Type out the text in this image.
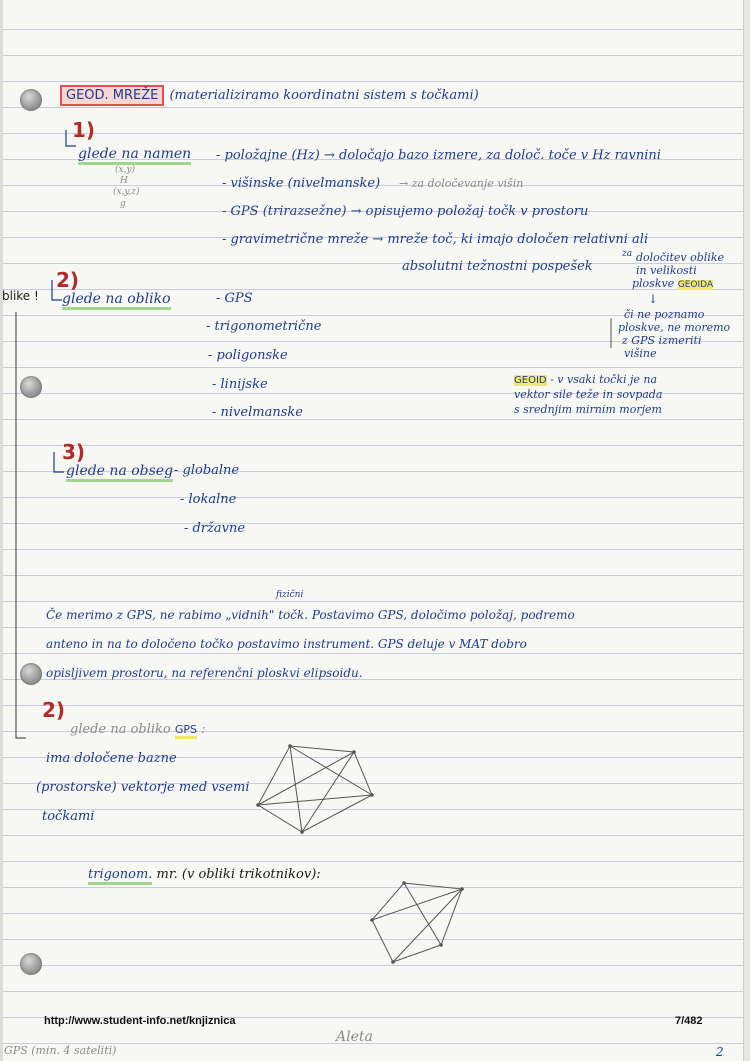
GEOD. MREŽE (materializiramo koordinatni sistem s točkami)
1)
glede na namen
(x,y)
H
(x,y,z)
g
- položajne (Hz) → določajo bazo izmere, za določ. toče v Hz ravnini
- višinske (nivelmanske) → za določevanje višin
- GPS (trirazsežne) → opisujemo položaj točk v prostoru
- gravimetrične mreže → mreže toč, ki imajo določen relativni ali
absolutni težnostni pospešek
blike !
2)
glede na obliko	- GPS
- trigonometrične
- poligonske
- linijske
- nivelmanske
za določitev oblike
in velikosti
ploskve GEOIDA
↓
či ne poznamo
ploskve, ne moremo
z GPS izmeriti
višine
GEOID - v vsaki točki je na
vektor sile teže in sovpada
s srednjim mirnim morjem
3)
glede na obseg - globalne
- lokalne
- državne
fizični
Če merimo z GPS, ne rabimo „vidnih" točk. Postavimo GPS, določimo položaj, podremo
anteno in na to določeno točko postavimo instrument. GPS deluje v MAT dobro
opisljivem prostoru, na referenčni ploskvi elipsoidu.
2)
glede na obliko GPS :
ima določene bazne
(prostorske) vektorje med vsemi
točkami
trigonom. mr. (v obliki trikotnikov):
http://www.student-info.net/knjiznica	7/482
Aleta
GPS (min. 4 sateliti)	2
